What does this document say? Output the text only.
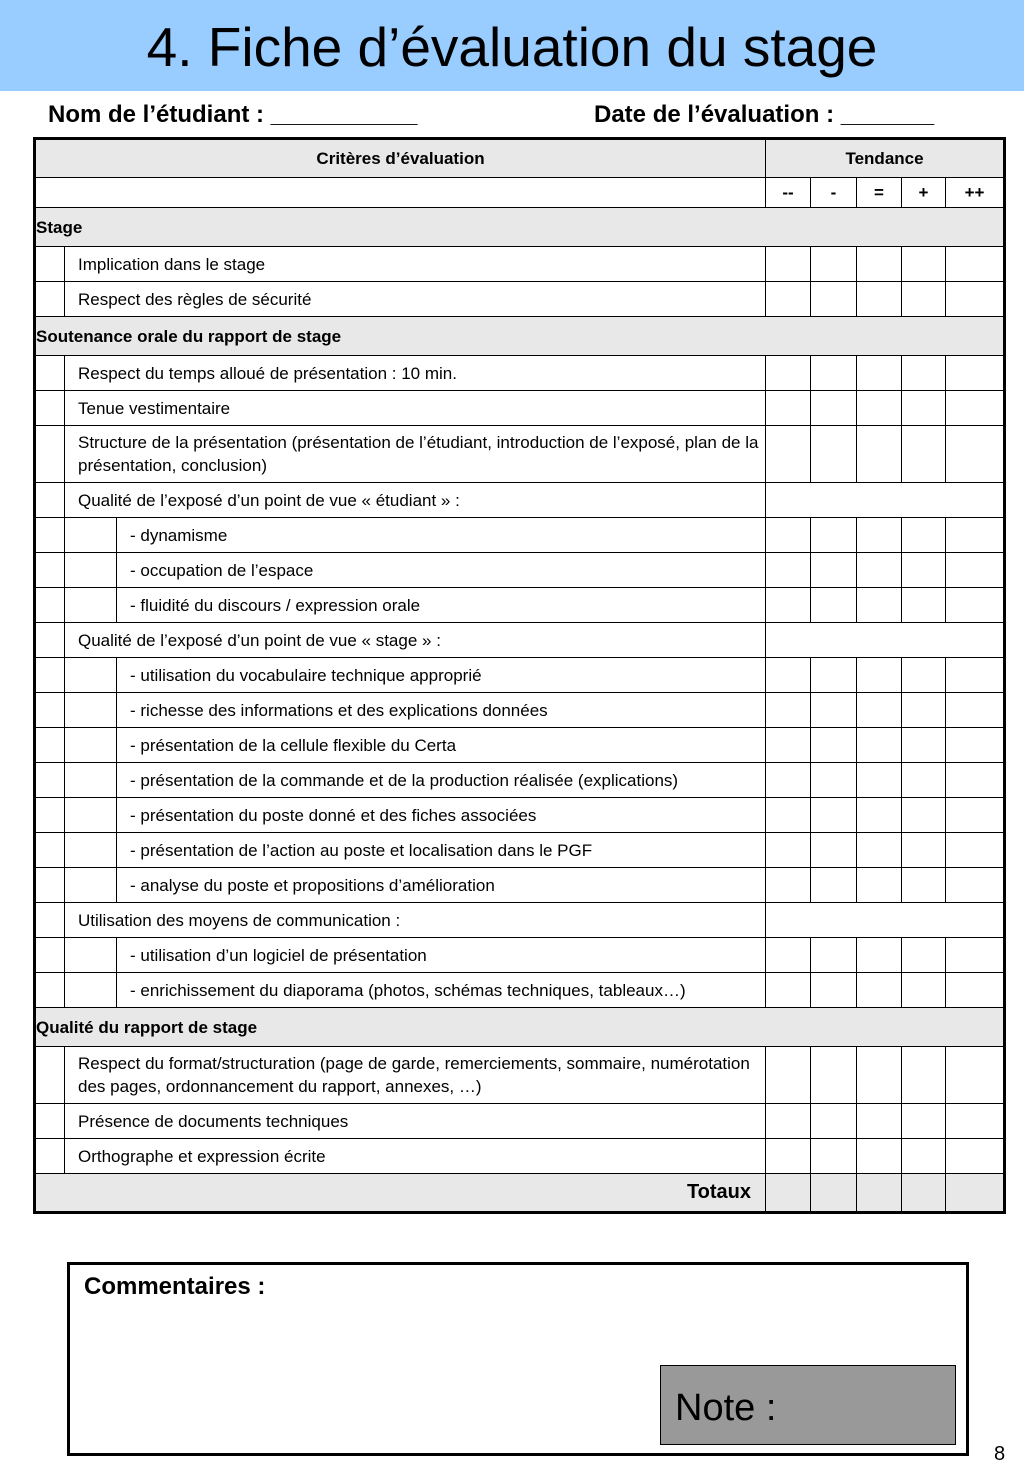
4. Fiche d’évaluation du stage
Nom de l’étudiant : ___________	Date de l’évaluation : _______
Critères d’évaluation			Tendance				
			--	-	=	+	++
Stage							
	Implication dans le stage						
	Respect des règles de sécurité						
Soutenance orale du rapport de stage							
	Respect du temps alloué de présentation : 10 min.						
	Tenue vestimentaire						
	Structure de la présentation (présentation de l’étudiant, introduction de l’exposé, plan de la présentation, conclusion)						
	Qualité de l’exposé d’un point de vue « étudiant » :						
		- dynamisme					
		- occupation de l’espace					
		- fluidité du discours / expression orale					
	Qualité de l’exposé d’un point de vue « stage » :						
		- utilisation du vocabulaire technique approprié					
		- richesse des informations et des explications données					
		- présentation de la cellule flexible du Certa					
		- présentation de la commande et de la production réalisée (explications)					
		- présentation du poste donné et des fiches associées					
		- présentation de l’action au poste et localisation dans le PGF					
		- analyse du poste et propositions d’amélioration					
	Utilisation des moyens de communication :						
		- utilisation d’un logiciel de présentation					
		- enrichissement du diaporama (photos, schémas techniques, tableaux…)					
Qualité du rapport de stage							
	Respect du format/structuration (page de garde, remerciements, sommaire, numérotation des pages, ordonnancement du rapport, annexes, …)						
	Présence de documents techniques						
	Orthographe et expression écrite						
Totaux							
Commentaires :
Note :
8
